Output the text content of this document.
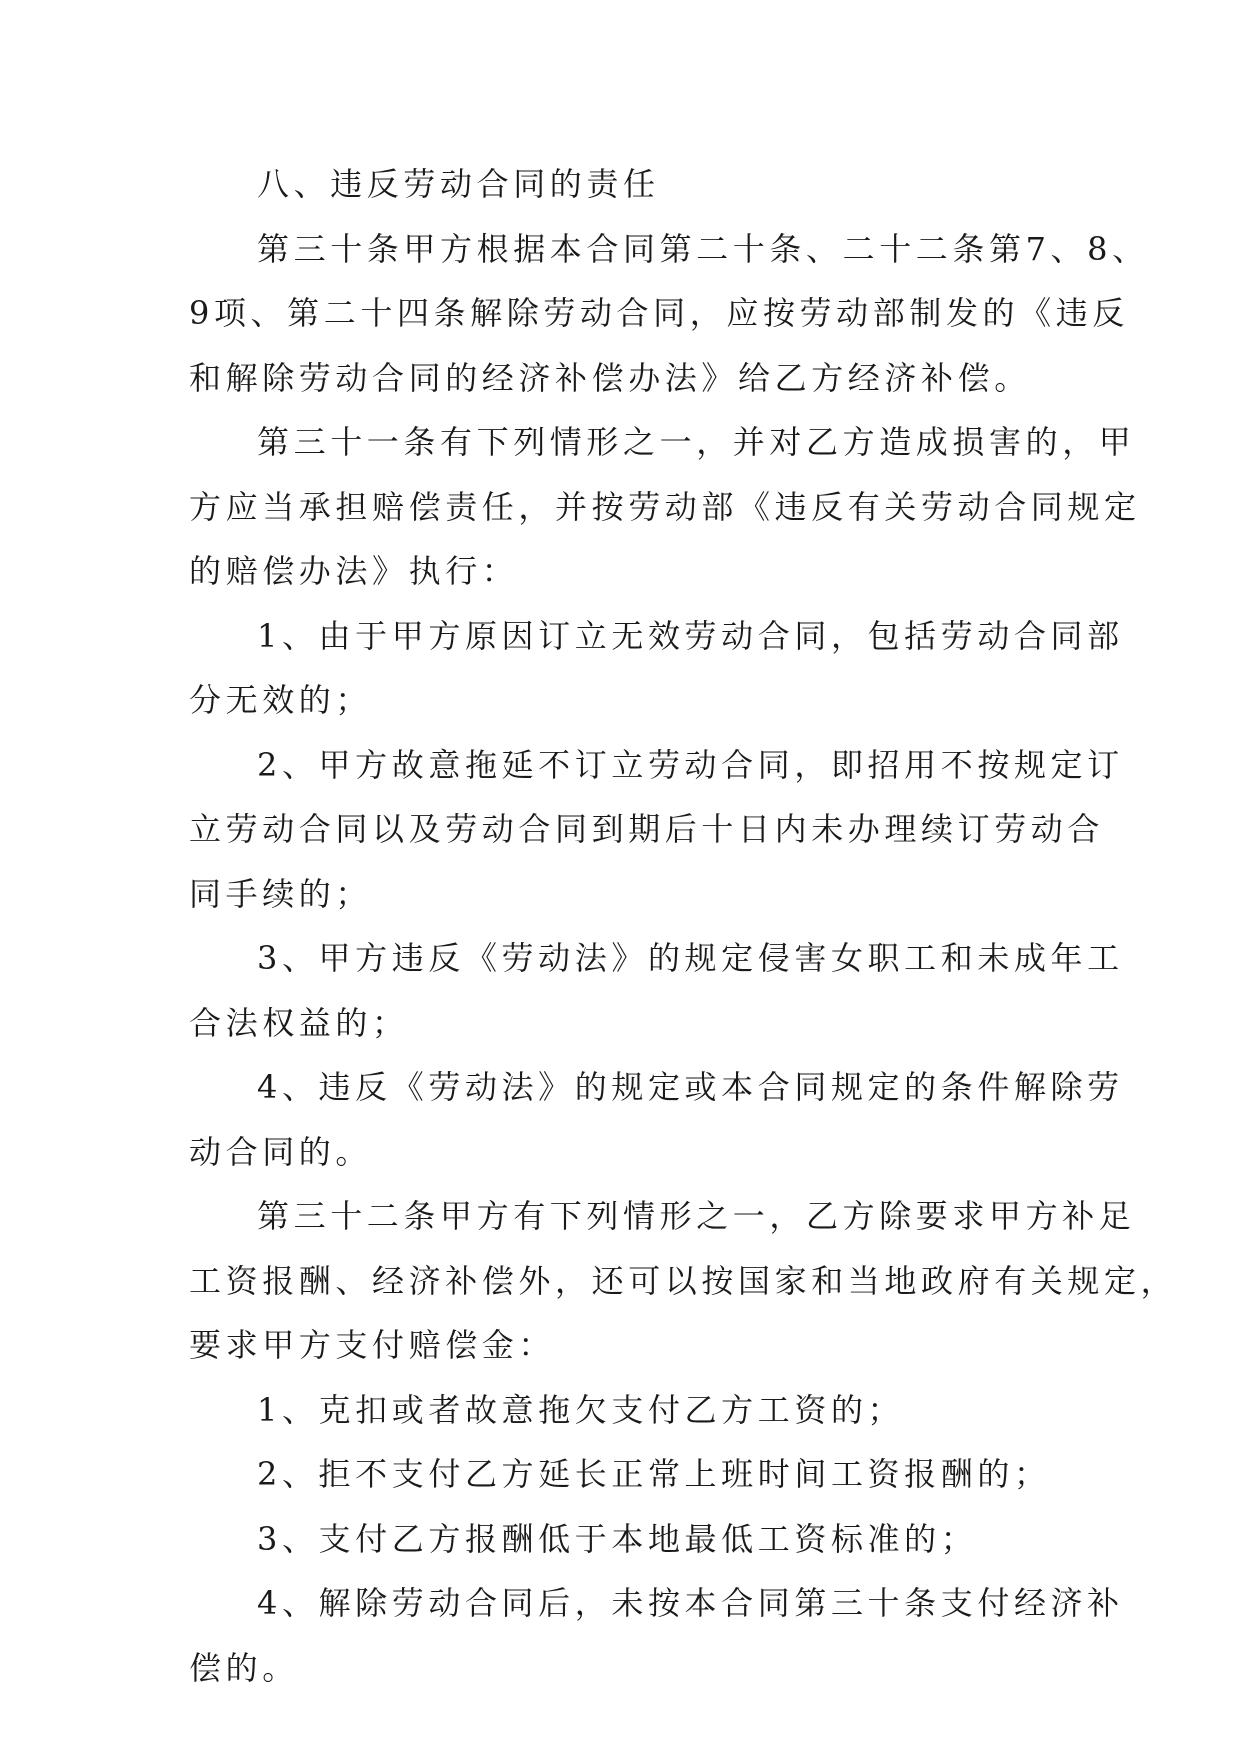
八、违反劳动合同的责任
第三十条甲方根据本合同第二十条、二十二条第7、8、
9项、第二十四条解除劳动合同，应按劳动部制发的《违反
和解除劳动合同的经济补偿办法》给乙方经济补偿。
第三十一条有下列情形之一，并对乙方造成损害的，甲
方应当承担赔偿责任，并按劳动部《违反有关劳动合同规定
的赔偿办法》执行：
1、由于甲方原因订立无效劳动合同，包括劳动合同部
分无效的；
2、甲方故意拖延不订立劳动合同，即招用不按规定订
立劳动合同以及劳动合同到期后十日内未办理续订劳动合
同手续的；
3、甲方违反《劳动法》的规定侵害女职工和未成年工
合法权益的；
4、违反《劳动法》的规定或本合同规定的条件解除劳
动合同的。
第三十二条甲方有下列情形之一，乙方除要求甲方补足
工资报酬、经济补偿外，还可以按国家和当地政府有关规定，
要求甲方支付赔偿金：
1、克扣或者故意拖欠支付乙方工资的；
2、拒不支付乙方延长正常上班时间工资报酬的；
3、支付乙方报酬低于本地最低工资标准的；
4、解除劳动合同后，未按本合同第三十条支付经济补
偿的。
